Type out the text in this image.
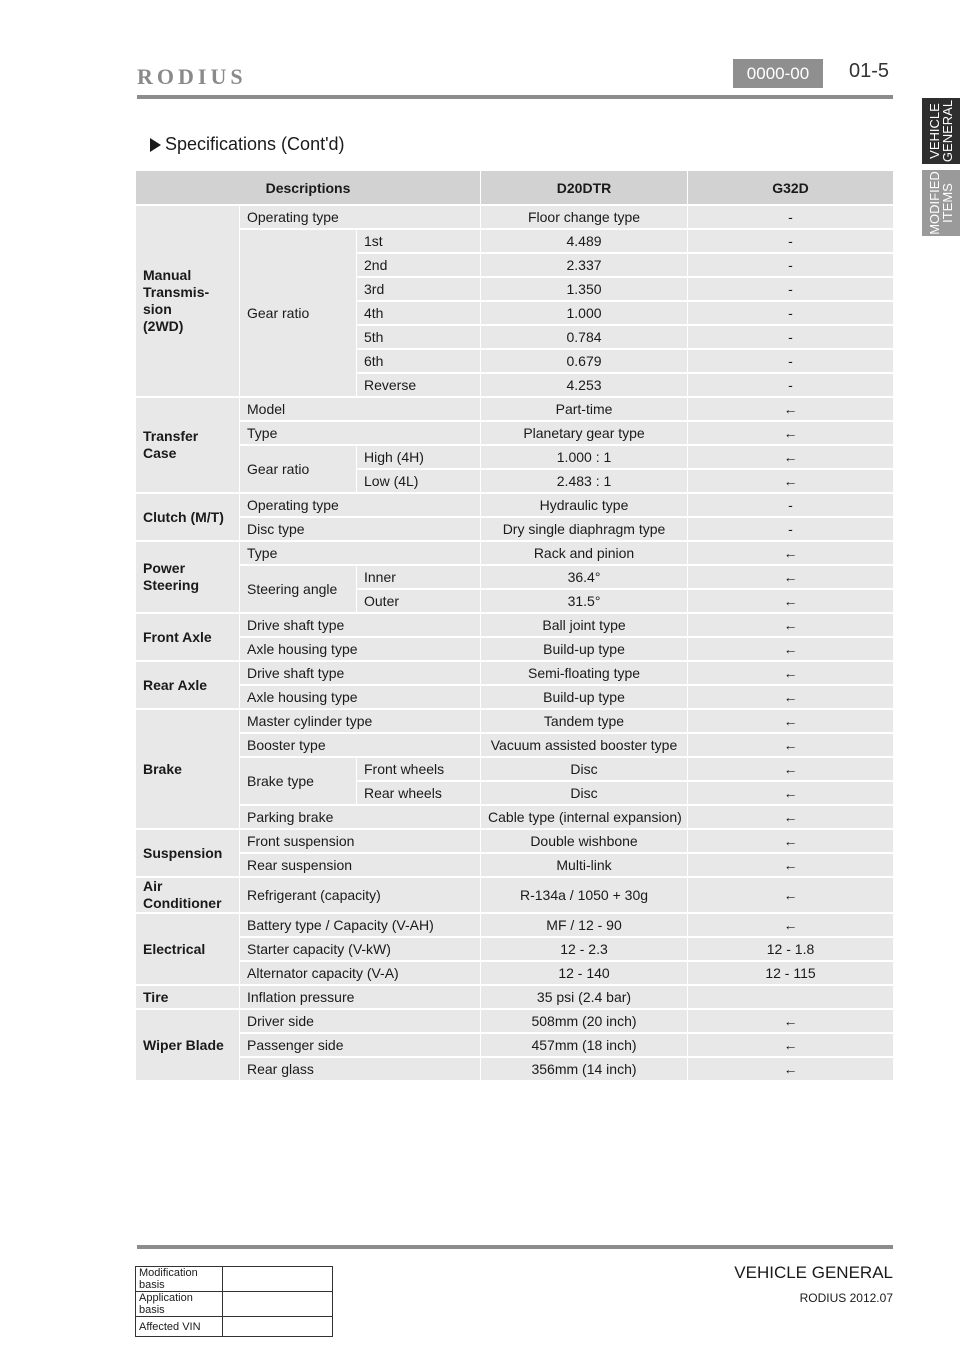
RODIUS	0000-00	01-5
VEHICLE
GENERAL
MODIFIED
ITEMS
Specifications (Cont'd)
Descriptions			D20DTR	G32D
Manual
Transmis-
sion
(2WD)	Operating type		Floor change type	-
	Gear ratio	1st	4.489	-
		2nd	2.337	-
		3rd	1.350	-
		4th	1.000	-
		5th	0.784	-
		6th	0.679	-
		Reverse	4.253	-
Transfer
Case	Model		Part-time	←
	Type		Planetary gear type	←
	Gear ratio	High (4H)	1.000 : 1	←
		Low (4L)	2.483 : 1	←
Clutch (M/T)	Operating type		Hydraulic type	-
	Disc type		Dry single diaphragm type	-
Power
Steering	Type		Rack and pinion	←
	Steering angle	Inner	36.4°	←
		Outer	31.5°	←
Front Axle	Drive shaft type		Ball joint type	←
	Axle housing type		Build-up type	←
Rear Axle	Drive shaft type		Semi-floating type	←
	Axle housing type		Build-up type	←
Brake	Master cylinder type		Tandem type	←
	Booster type		Vacuum assisted booster type	←
	Brake type	Front wheels	Disc	←
		Rear wheels	Disc	←
	Parking brake		Cable type (internal expansion)	←
Suspension	Front suspension		Double wishbone	←
	Rear suspension		Multi-link	←
Air
Conditioner	Refrigerant (capacity)		R-134a / 1050 + 30g	←
Electrical	Battery type / Capacity (V-AH)		MF / 12 - 90	←
	Starter capacity (V-kW)		12 - 2.3	12 - 1.8
	Alternator capacity (V-A)		12 - 140	12 - 115
Tire	Inflation pressure		35 psi (2.4 bar)	
Wiper Blade	Driver side		508mm (20 inch)	←
	Passenger side		457mm (18 inch)	←
	Rear glass		356mm (14 inch)	←
Modification basis	
Application basis	
Affected VIN	
VEHICLE GENERAL
RODIUS 2012.07
